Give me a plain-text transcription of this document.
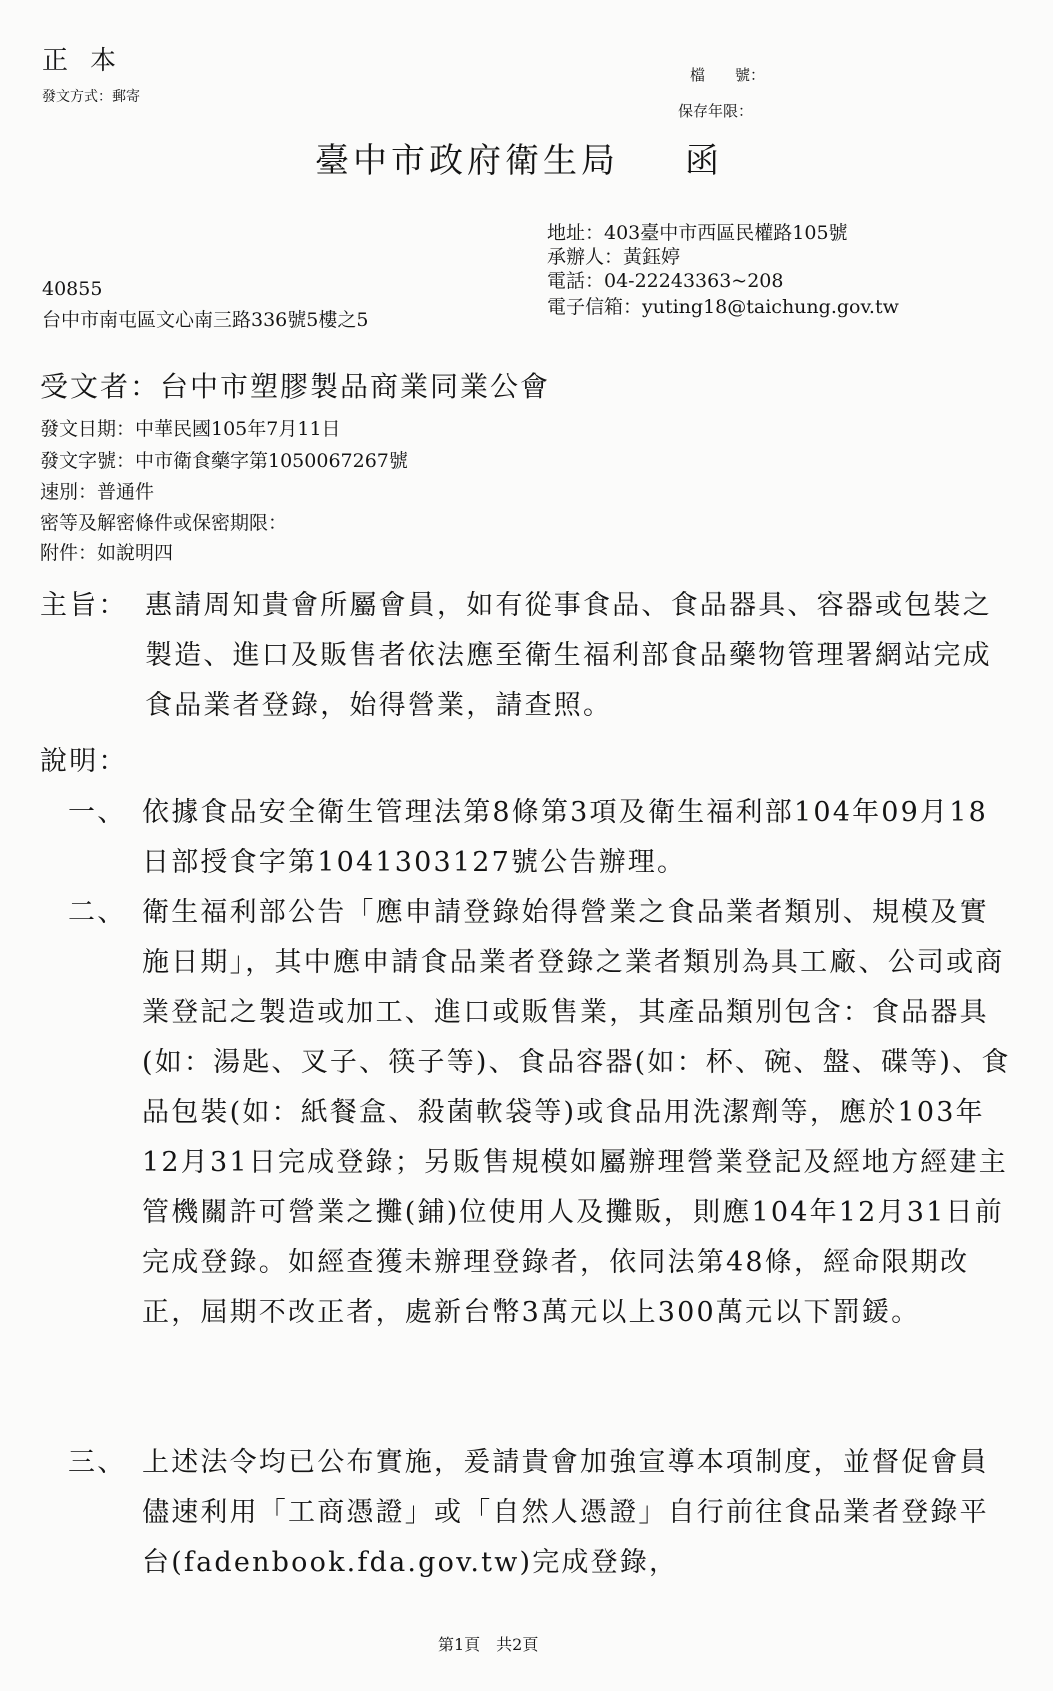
正本
發文方式：郵寄
檔　　號：
保存年限：
臺中市政府衛生局 函
地址：403臺中市西區民權路105號
承辦人：黃鈺婷
電話：04-22243363~208
電子信箱：yuting18@taichung.gov.tw
40855
台中市南屯區文心南三路336號5樓之5
受文者：台中市塑膠製品商業同業公會
發文日期：中華民國105年7月11日
發文字號：中市衛食藥字第1050067267號
速別：普通件
密等及解密條件或保密期限：
附件：如說明四
主旨： 惠請周知貴會所屬會員，如有從事食品、食品器具、容器或包裝之製造、進口及販售者依法應至衛生福利部食品藥物管理署網站完成食品業者登錄，始得營業，請查照。
說明：
一、 依據食品安全衛生管理法第8條第3項及衛生福利部104年09月18日部授食字第1041303127號公告辦理。
二、 衛生福利部公告「應申請登錄始得營業之食品業者類別、規模及實施日期」，其中應申請食品業者登錄之業者類別為具工廠、公司或商業登記之製造或加工、進口或販售業，其產品類別包含：食品器具(如：湯匙、叉子、筷子等)、食品容器(如：杯、碗、盤、碟等)、食品包裝(如：紙餐盒、殺菌軟袋等)或食品用洗潔劑等，應於103年12月31日完成登錄；另販售規模如屬辦理營業登記及經地方經建主管機關許可營業之攤(鋪)位使用人及攤販，則應104年12月31日前完成登錄。如經查獲未辦理登錄者，依同法第48條，經命限期改正，屆期不改正者，處新台幣3萬元以上300萬元以下罰鍰。
三、 上述法令均已公布實施，爰請貴會加強宣導本項制度，並督促會員儘速利用「工商憑證」或「自然人憑證」自行前往食品業者登錄平台(fadenbook.fda.gov.tw)完成登錄，
第1頁　共2頁
